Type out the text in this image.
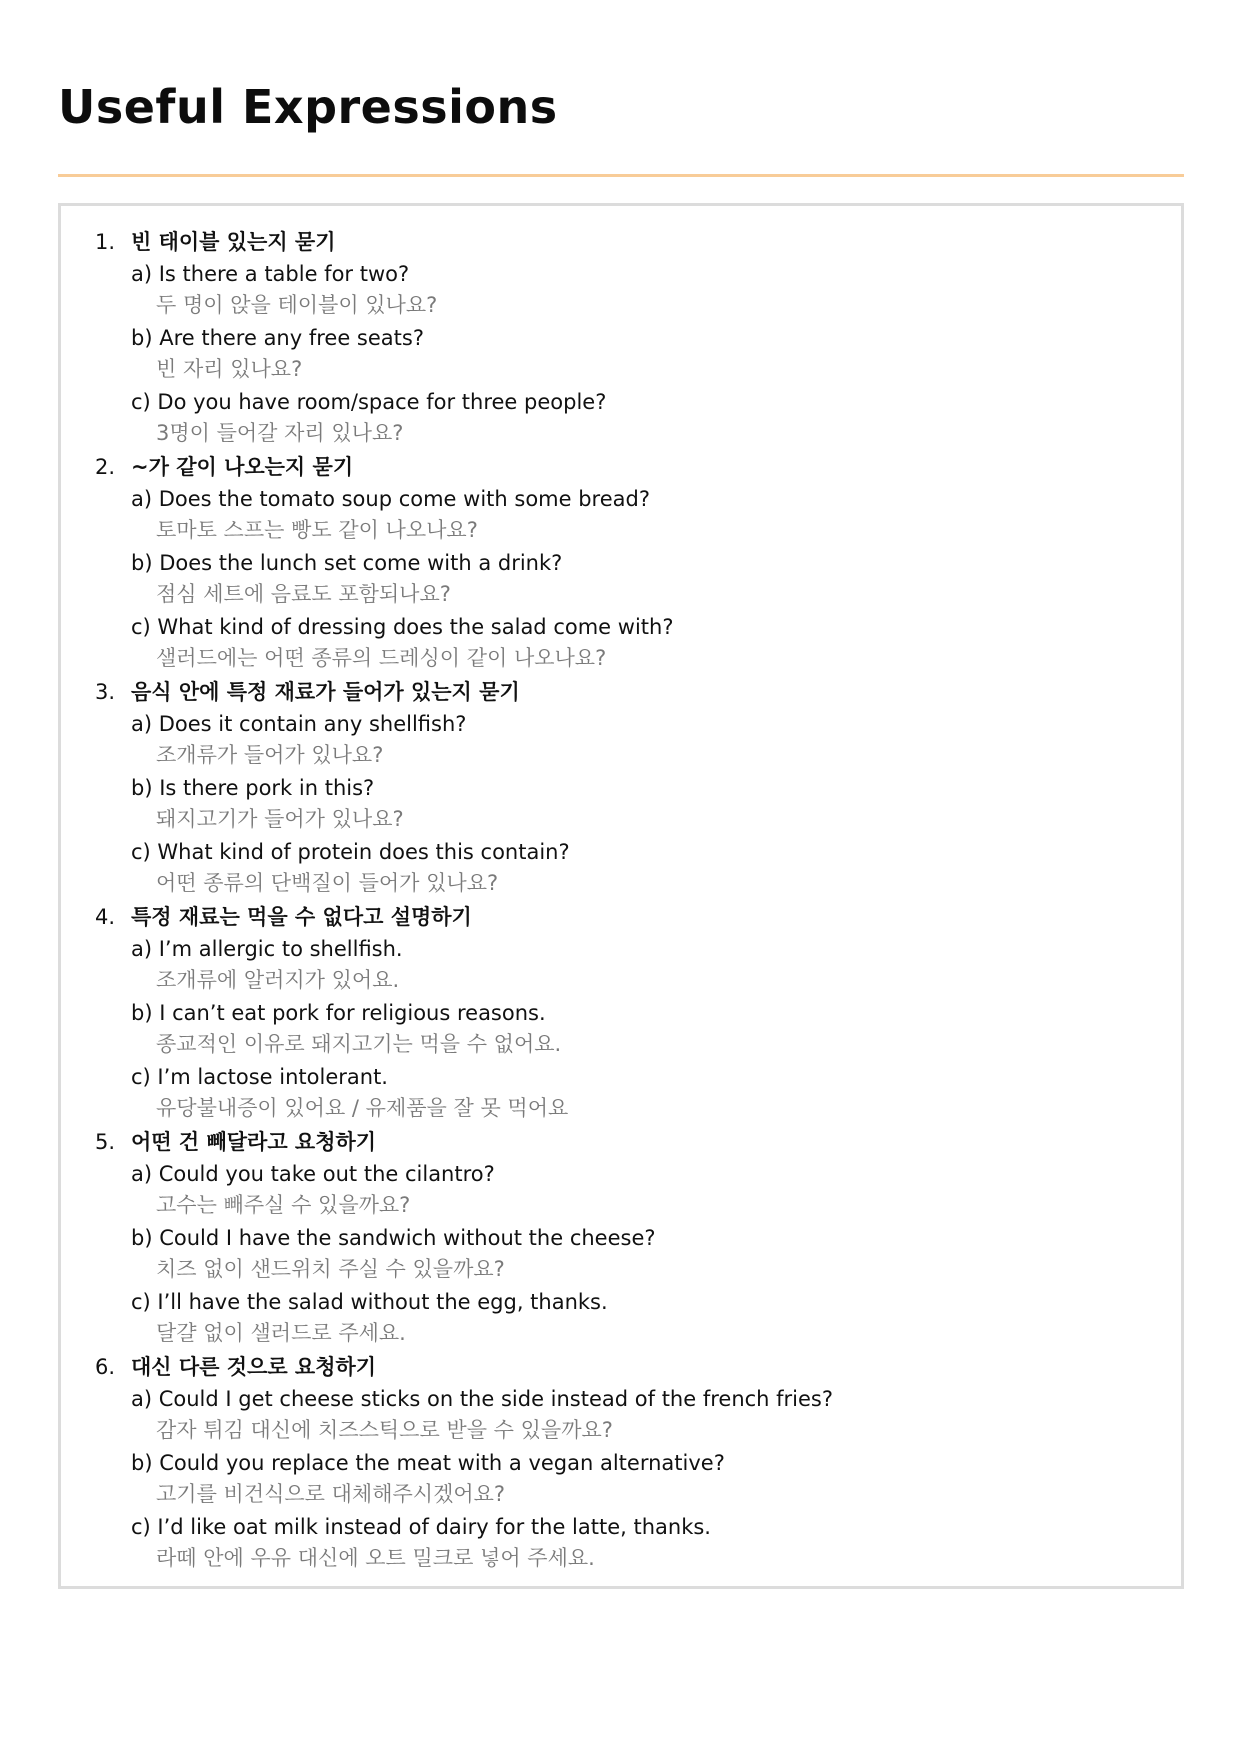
Useful Expressions
1. 빈 태이블 있는지 묻기
a) Is there a table for two?
두 명이 앉을 테이블이 있나요?
b) Are there any free seats?
빈 자리 있나요?
c) Do you have room/space for three people?
3명이 들어갈 자리 있나요?
2. ~가 같이 나오는지 묻기
a) Does the tomato soup come with some bread?
토마토 스프는 빵도 같이 나오나요?
b) Does the lunch set come with a drink?
점심 세트에 음료도 포함되나요?
c) What kind of dressing does the salad come with?
샐러드에는 어떤 종류의 드레싱이 같이 나오나요?
3. 음식 안에 특정 재료가 들어가 있는지 묻기
a) Does it contain any shellfish?
조개류가 들어가 있나요?
b) Is there pork in this?
돼지고기가 들어가 있나요?
c) What kind of protein does this contain?
어떤 종류의 단백질이 들어가 있나요?
4. 특정 재료는 먹을 수 없다고 설명하기
a) I’m allergic to shellfish.
조개류에 알러지가 있어요.
b) I can’t eat pork for religious reasons.
종교적인 이유로 돼지고기는 먹을 수 없어요.
c) I’m lactose intolerant.
유당불내증이 있어요 / 유제품을 잘 못 먹어요
5. 어떤 건 빼달라고 요청하기
a) Could you take out the cilantro?
고수는 빼주실 수 있을까요?
b) Could I have the sandwich without the cheese?
치즈 없이 샌드위치 주실 수 있을까요?
c) I’ll have the salad without the egg, thanks.
달걀 없이 샐러드로 주세요.
6. 대신 다른 것으로 요청하기
a) Could I get cheese sticks on the side instead of the french fries?
감자 튀김 대신에 치즈스틱으로 받을 수 있을까요?
b) Could you replace the meat with a vegan alternative?
고기를 비건식으로 대체해주시겠어요?
c) I’d like oat milk instead of dairy for the latte, thanks.
라떼 안에 우유 대신에 오트 밀크로 넣어 주세요.
